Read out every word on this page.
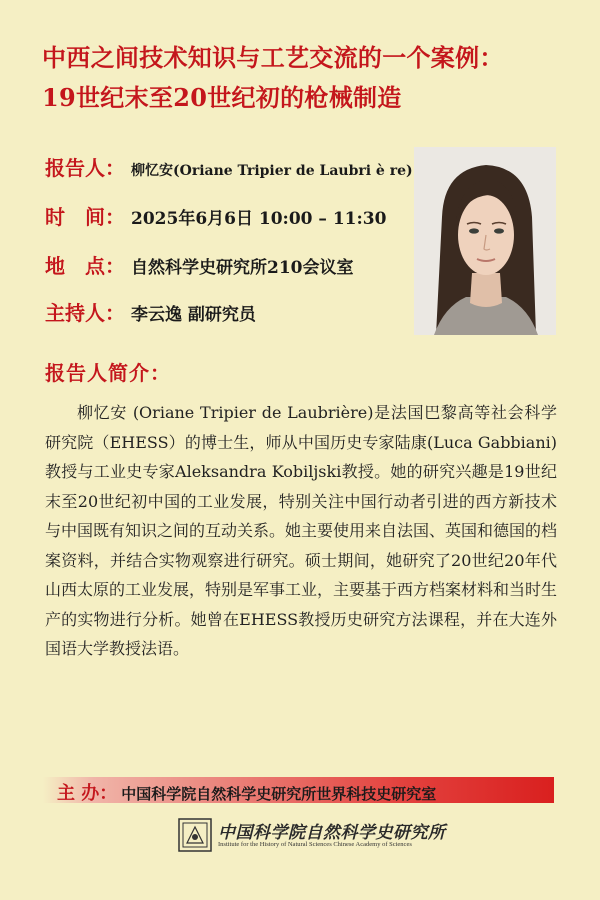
中西之间技术知识与工艺交流的一个案例：
19世纪末至20世纪初的枪械制造
报告人： 柳忆安(Oriane Tripier de Laubri è re)
时　间： 2025年6月6日 10:00 – 11:30
地　点： 自然科学史研究所210会议室
主持人： 李云逸 副研究员
报告人简介：

柳忆安 (Oriane Tripier de Laubrière)是法国巴黎高等社会科学研究院（EHESS）的博士生，师从中国历史专家陆康(Luca Gabbiani)教授与工业史专家Aleksandra Kobiljski教授。她的研究兴趣是19世纪末至20世纪初中国的工业发展，特别关注中国行动者引进的西方新技术与中国既有知识之间的互动关系。她主要使用来自法国、英国和德国的档案资料，并结合实物观察进行研究。硕士期间，她研究了20世纪20年代山西太原的工业发展，特别是军事工业，主要基于西方档案材料和当时生产的实物进行分析。她曾在EHESS教授历史研究方法课程，并在大连外国语大学教授法语。

主 办： 中国科学院自然科学史研究所世界科技史研究室
中国科学院自然科学史研究所
Institute for the History of Natural Sciences Chinese Academy of Sciences
